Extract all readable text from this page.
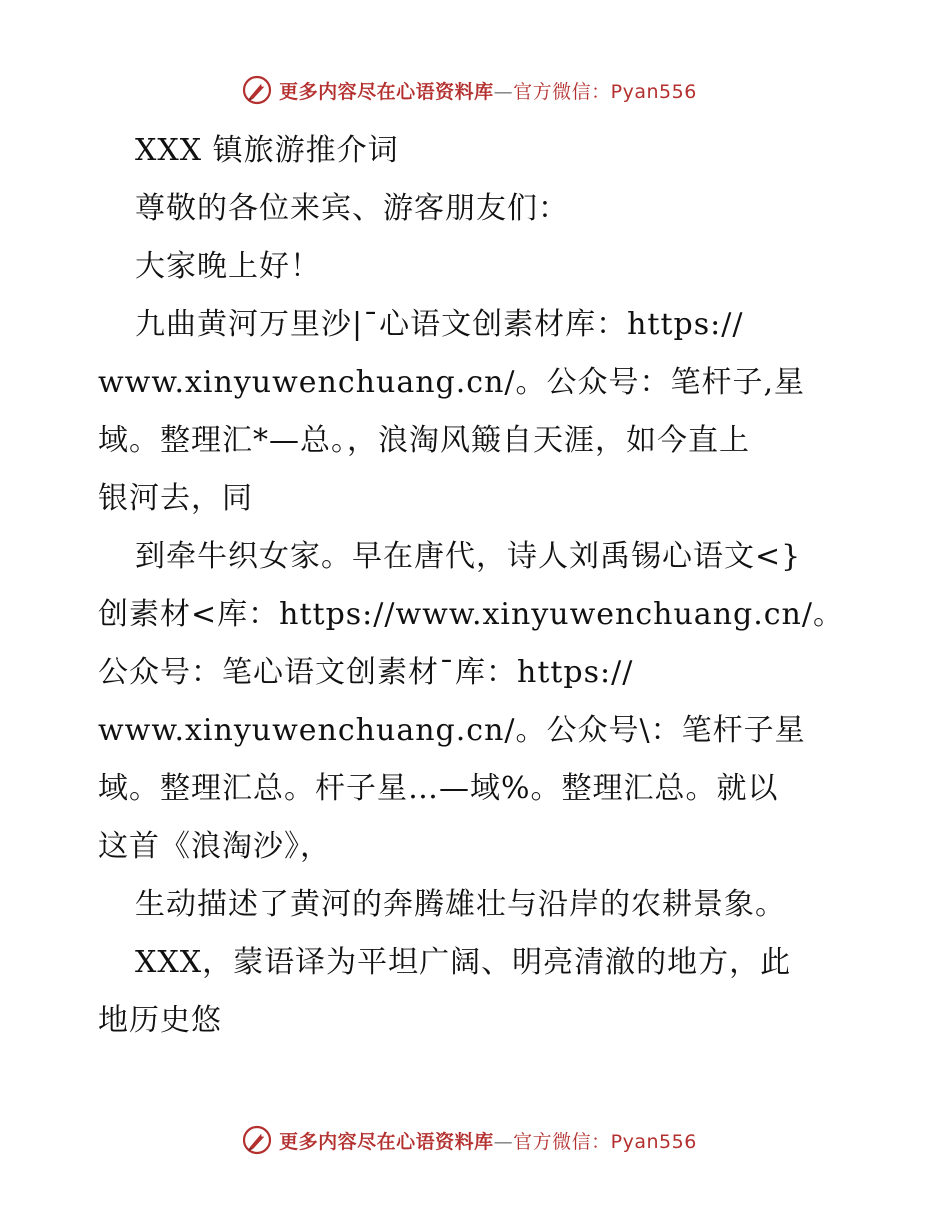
更多内容尽在心语资料库—官方微信：Pyan556
XXX 镇旅游推介词
尊敬的各位来宾、游客朋友们：
大家晚上好！
九曲黄河万里沙|¯心语文创素材库：https://
www.xinyuwenchuang.cn/。公众号：笔杆子,星
域。整理汇*—总。，浪淘风簸自天涯，如今直上
银河去，同
到牵牛织女家。早在唐代，诗人刘禹锡心语文<}
创素材<库：https://www.xinyuwenchuang.cn/。
公众号：笔心语文创素材¯库：https://
www.xinyuwenchuang.cn/。公众号\：笔杆子星
域。整理汇总。杆子星…—域%。整理汇总。就以
这首《浪淘沙》，
生动描述了黄河的奔腾雄壮与沿岸的农耕景象。
XXX，蒙语译为平坦广阔、明亮清澈的地方，此
地历史悠
更多内容尽在心语资料库—官方微信：Pyan556
